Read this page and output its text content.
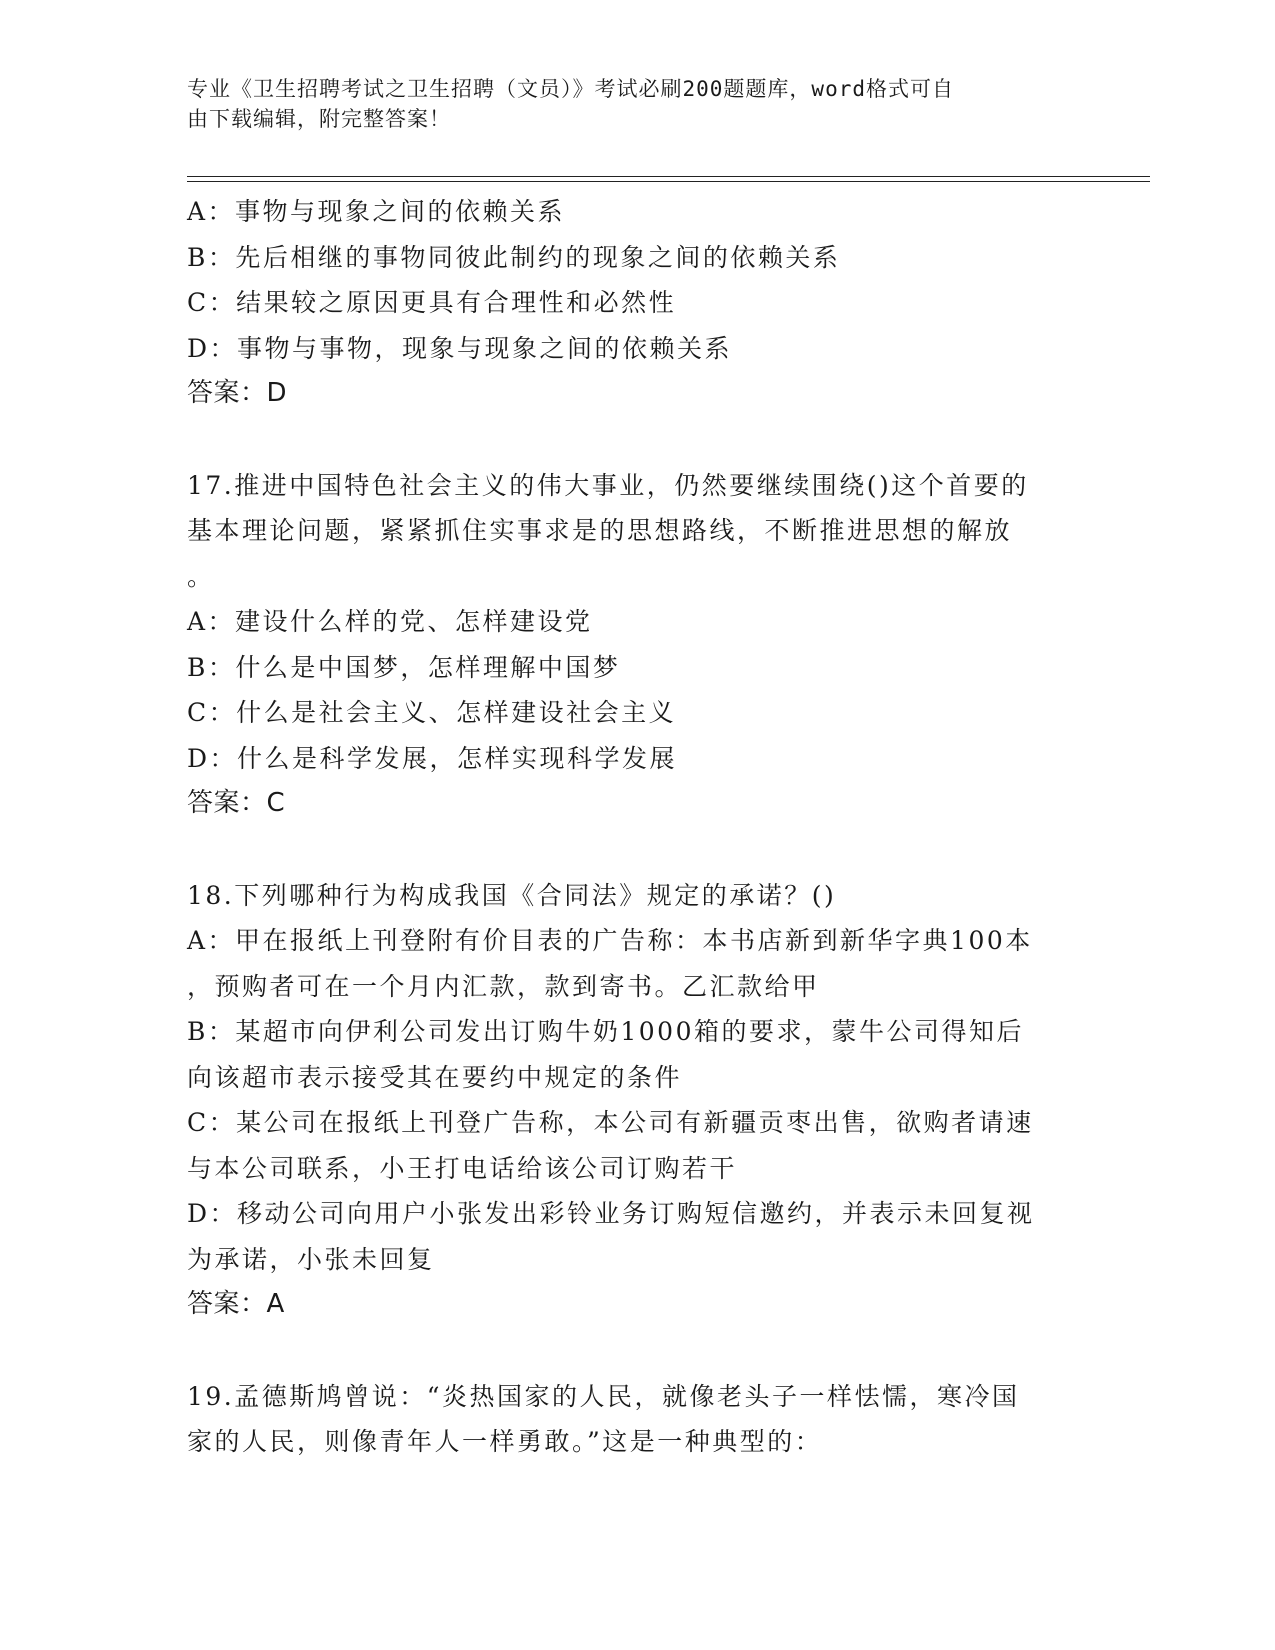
专业《卫生招聘考试之卫生招聘（文员）》考试必刷200题题库，word格式可自
由下载编辑，附完整答案！
A：事物与现象之间的依赖关系
B：先后相继的事物同彼此制约的现象之间的依赖关系
C：结果较之原因更具有合理性和必然性
D：事物与事物，现象与现象之间的依赖关系
答案：D
17.推进中国特色社会主义的伟大事业，仍然要继续围绕()这个首要的
基本理论问题，紧紧抓住实事求是的思想路线，不断推进思想的解放
。
A：建设什么样的党、怎样建设党
B：什么是中国梦，怎样理解中国梦
C：什么是社会主义、怎样建设社会主义
D：什么是科学发展，怎样实现科学发展
答案：C
18.下列哪种行为构成我国《合同法》规定的承诺？()
A：甲在报纸上刊登附有价目表的广告称：本书店新到新华字典100本
，预购者可在一个月内汇款，款到寄书。乙汇款给甲
B：某超市向伊利公司发出订购牛奶1000箱的要求，蒙牛公司得知后
向该超市表示接受其在要约中规定的条件
C：某公司在报纸上刊登广告称，本公司有新疆贡枣出售，欲购者请速
与本公司联系，小王打电话给该公司订购若干
D：移动公司向用户小张发出彩铃业务订购短信邀约，并表示未回复视
为承诺，小张未回复
答案：A
19.孟德斯鸠曾说：“炎热国家的人民，就像老头子一样怯懦，寒冷国
家的人民，则像青年人一样勇敢。”这是一种典型的：
